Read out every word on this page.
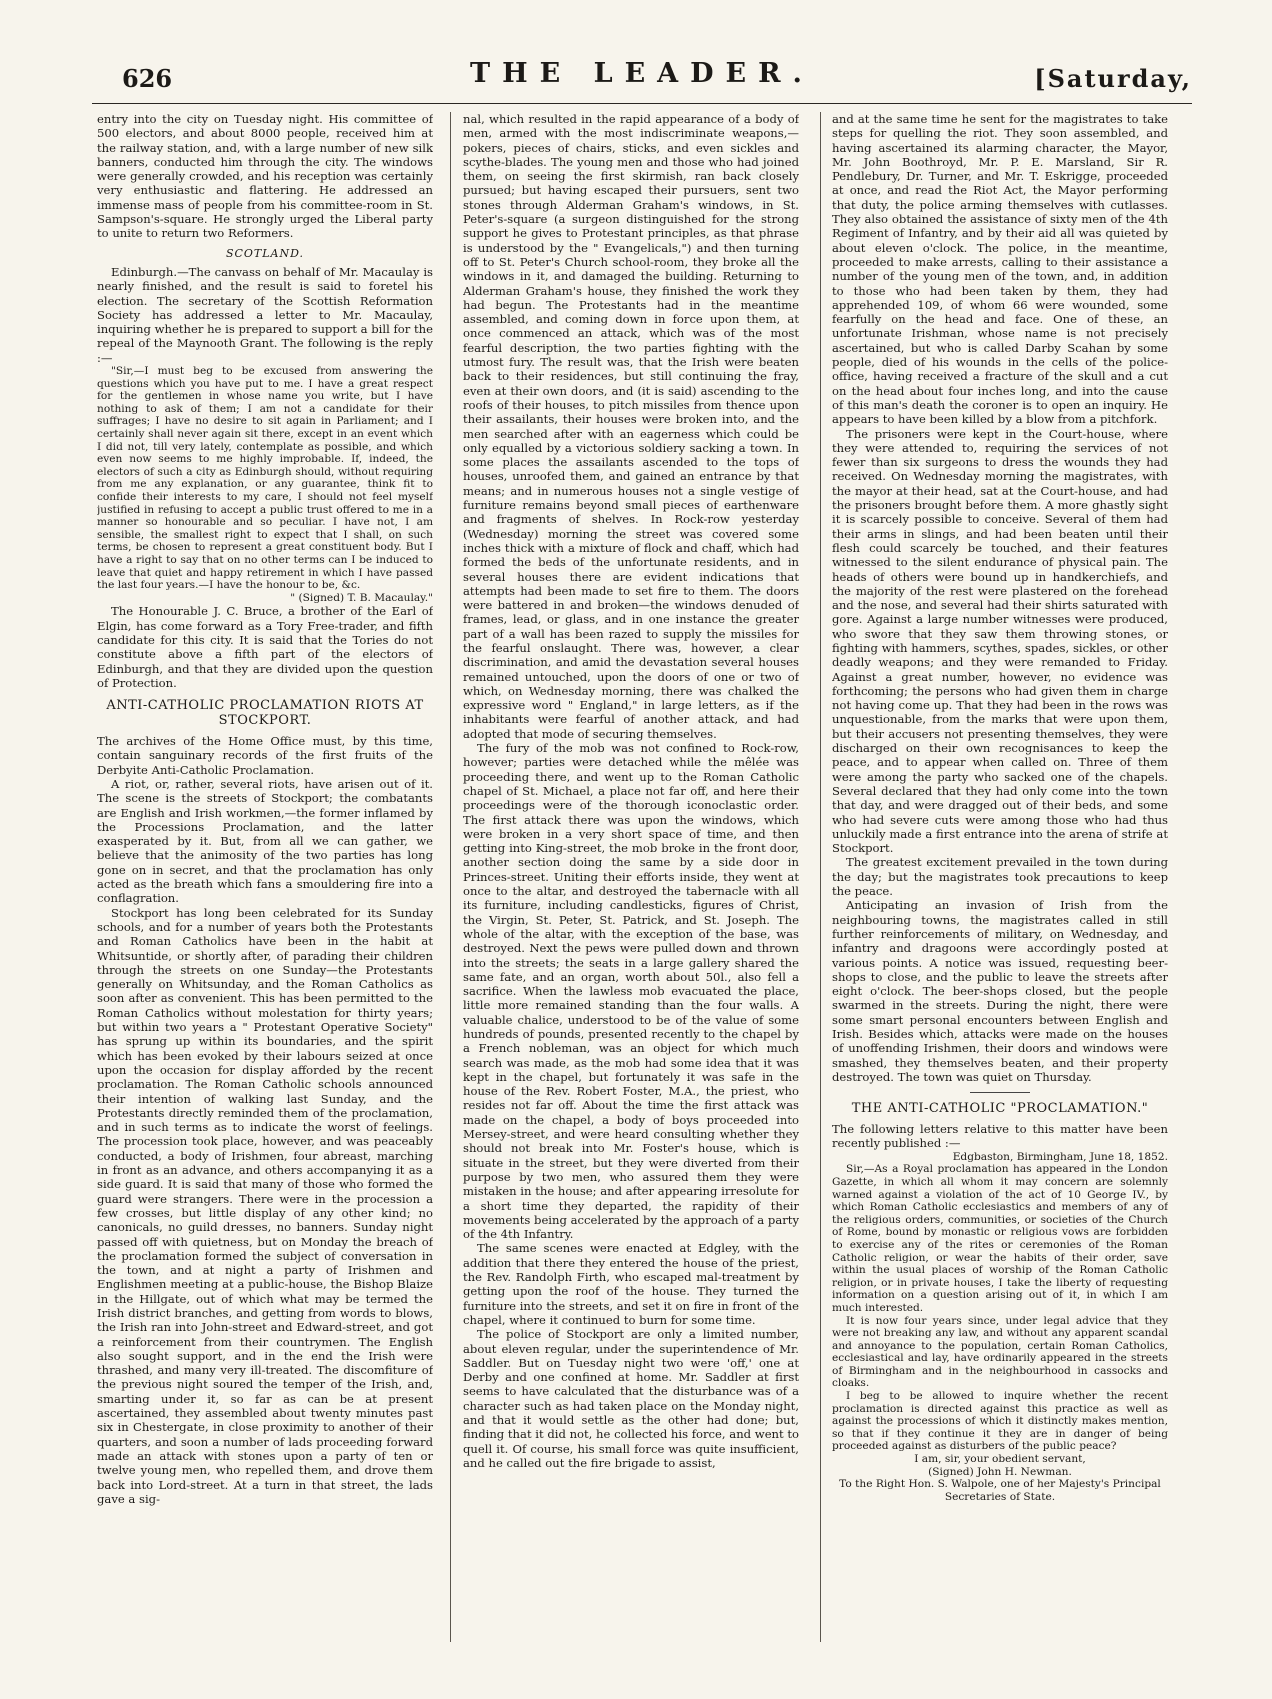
626	THE LEADER.	[Saturday,

entry into the city on Tuesday night. His committee of 500 electors, and about 8000 people, received him at the railway station, and, with a large number of new silk banners, conducted him through the city. The windows were generally crowded, and his reception was certainly very enthusiastic and flattering. He addressed an immense mass of people from his committee-room in St. Sampson's-square. He strongly urged the Liberal party to unite to return two Reformers.

SCOTLAND.

Edinburgh.—The canvass on behalf of Mr. Macaulay is nearly finished, and the result is said to foretel his election. The secretary of the Scottish Reformation Society has addressed a letter to Mr. Macaulay, inquiring whether he is prepared to support a bill for the repeal of the Maynooth Grant. The following is the reply :—

"Sir,—I must beg to be excused from answering the questions which you have put to me. I have a great respect for the gentlemen in whose name you write, but I have nothing to ask of them; I am not a candidate for their suffrages; I have no desire to sit again in Parliament; and I certainly shall never again sit there, except in an event which I did not, till very lately, contemplate as possible, and which even now seems to me highly improbable. If, indeed, the electors of such a city as Edinburgh should, without requiring from me any explanation, or any guarantee, think fit to confide their interests to my care, I should not feel myself justified in refusing to accept a public trust offered to me in a manner so honourable and so peculiar. I have not, I am sensible, the smallest right to expect that I shall, on such terms, be chosen to represent a great constituent body. But I have a right to say that on no other terms can I be induced to leave that quiet and happy retirement in which I have passed the last four years.—I have the honour to be, &c.

" (Signed) T. B. Macaulay."

The Honourable J. C. Bruce, a brother of the Earl of Elgin, has come forward as a Tory Free-trader, and fifth candidate for this city. It is said that the Tories do not constitute above a fifth part of the electors of Edinburgh, and that they are divided upon the question of Protection.

ANTI-CATHOLIC PROCLAMATION RIOTS AT STOCKPORT.

The archives of the Home Office must, by this time, contain sanguinary records of the first fruits of the Derbyite Anti-Catholic Proclamation.

A riot, or, rather, several riots, have arisen out of it. The scene is the streets of Stockport; the combatants are English and Irish workmen,—the former inflamed by the Processions Proclamation, and the latter exasperated by it. But, from all we can gather, we believe that the animosity of the two parties has long gone on in secret, and that the proclamation has only acted as the breath which fans a smouldering fire into a conflagration.

Stockport has long been celebrated for its Sunday schools, and for a number of years both the Protestants and Roman Catholics have been in the habit at Whitsuntide, or shortly after, of parading their children through the streets on one Sunday—the Protestants generally on Whitsunday, and the Roman Catholics as soon after as convenient. This has been permitted to the Roman Catholics without molestation for thirty years; but within two years a " Protestant Operative Society" has sprung up within its boundaries, and the spirit which has been evoked by their labours seized at once upon the occasion for display afforded by the recent proclamation. The Roman Catholic schools announced their intention of walking last Sunday, and the Protestants directly reminded them of the proclamation, and in such terms as to indicate the worst of feelings. The procession took place, however, and was peaceably conducted, a body of Irishmen, four abreast, marching in front as an advance, and others accompanying it as a side guard. It is said that many of those who formed the guard were strangers. There were in the procession a few crosses, but little display of any other kind; no canonicals, no guild dresses, no banners. Sunday night passed off with quietness, but on Monday the breach of the proclamation formed the subject of conversation in the town, and at night a party of Irishmen and Englishmen meeting at a public-house, the Bishop Blaize in the Hillgate, out of which what may be termed the Irish district branches, and getting from words to blows, the Irish ran into John-street and Edward-street, and got a reinforcement from their countrymen. The English also sought support, and in the end the Irish were thrashed, and many very ill-treated. The discomfiture of the previous night soured the temper of the Irish, and, smarting under it, so far as can be at present ascertained, they assembled about twenty minutes past six in Chestergate, in close proximity to another of their quarters, and soon a number of lads proceeding forward made an attack with stones upon a party of ten or twelve young men, who repelled them, and drove them back into Lord-street. At a turn in that street, the lads gave a sig-

nal, which resulted in the rapid appearance of a body of men, armed with the most indiscriminate weapons,—pokers, pieces of chairs, sticks, and even sickles and scythe-blades. The young men and those who had joined them, on seeing the first skirmish, ran back closely pursued; but having escaped their pursuers, sent two stones through Alderman Graham's windows, in St. Peter's-square (a surgeon distinguished for the strong support he gives to Protestant principles, as that phrase is understood by the " Evangelicals,") and then turning off to St. Peter's Church school-room, they broke all the windows in it, and damaged the building. Returning to Alderman Graham's house, they finished the work they had begun. The Protestants had in the meantime assembled, and coming down in force upon them, at once commenced an attack, which was of the most fearful description, the two parties fighting with the utmost fury. The result was, that the Irish were beaten back to their residences, but still continuing the fray, even at their own doors, and (it is said) ascending to the roofs of their houses, to pitch missiles from thence upon their assailants, their houses were broken into, and the men searched after with an eagerness which could be only equalled by a victorious soldiery sacking a town. In some places the assailants ascended to the tops of houses, unroofed them, and gained an entrance by that means; and in numerous houses not a single vestige of furniture remains beyond small pieces of earthenware and fragments of shelves. In Rock-row yesterday (Wednesday) morning the street was covered some inches thick with a mixture of flock and chaff, which had formed the beds of the unfortunate residents, and in several houses there are evident indications that attempts had been made to set fire to them. The doors were battered in and broken—the windows denuded of frames, lead, or glass, and in one instance the greater part of a wall has been razed to supply the missiles for the fearful onslaught. There was, however, a clear discrimination, and amid the devastation several houses remained untouched, upon the doors of one or two of which, on Wednesday morning, there was chalked the expressive word " England," in large letters, as if the inhabitants were fearful of another attack, and had adopted that mode of securing themselves.

The fury of the mob was not confined to Rock-row, however; parties were detached while the mêlée was proceeding there, and went up to the Roman Catholic chapel of St. Michael, a place not far off, and here their proceedings were of the thorough iconoclastic order. The first attack there was upon the windows, which were broken in a very short space of time, and then getting into King-street, the mob broke in the front door, another section doing the same by a side door in Princes-street. Uniting their efforts inside, they went at once to the altar, and destroyed the tabernacle with all its furniture, including candlesticks, figures of Christ, the Virgin, St. Peter, St. Patrick, and St. Joseph. The whole of the altar, with the exception of the base, was destroyed. Next the pews were pulled down and thrown into the streets; the seats in a large gallery shared the same fate, and an organ, worth about 50l., also fell a sacrifice. When the lawless mob evacuated the place, little more remained standing than the four walls. A valuable chalice, understood to be of the value of some hundreds of pounds, presented recently to the chapel by a French nobleman, was an object for which much search was made, as the mob had some idea that it was kept in the chapel, but fortunately it was safe in the house of the Rev. Robert Foster, M.A., the priest, who resides not far off. About the time the first attack was made on the chapel, a body of boys proceeded into Mersey-street, and were heard consulting whether they should not break into Mr. Foster's house, which is situate in the street, but they were diverted from their purpose by two men, who assured them they were mistaken in the house; and after appearing irresolute for a short time they departed, the rapidity of their movements being accelerated by the approach of a party of the 4th Infantry.

The same scenes were enacted at Edgley, with the addition that there they entered the house of the priest, the Rev. Randolph Firth, who escaped mal-treatment by getting upon the roof of the house. They turned the furniture into the streets, and set it on fire in front of the chapel, where it continued to burn for some time.

The police of Stockport are only a limited number, about eleven regular, under the superintendence of Mr. Saddler. But on Tuesday night two were 'off,' one at Derby and one confined at home. Mr. Saddler at first seems to have calculated that the disturbance was of a character such as had taken place on the Monday night, and that it would settle as the other had done; but, finding that it did not, he collected his force, and went to quell it. Of course, his small force was quite insufficient, and he called out the fire brigade to assist,

and at the same time he sent for the magistrates to take steps for quelling the riot. They soon assembled, and having ascertained its alarming character, the Mayor, Mr. John Boothroyd, Mr. P. E. Marsland, Sir R. Pendlebury, Dr. Turner, and Mr. T. Eskrigge, proceeded at once, and read the Riot Act, the Mayor performing that duty, the police arming themselves with cutlasses. They also obtained the assistance of sixty men of the 4th Regiment of Infantry, and by their aid all was quieted by about eleven o'clock. The police, in the meantime, proceeded to make arrests, calling to their assistance a number of the young men of the town, and, in addition to those who had been taken by them, they had apprehended 109, of whom 66 were wounded, some fearfully on the head and face. One of these, an unfortunate Irishman, whose name is not precisely ascertained, but who is called Darby Scahan by some people, died of his wounds in the cells of the police-office, having received a fracture of the skull and a cut on the head about four inches long, and into the cause of this man's death the coroner is to open an inquiry. He appears to have been killed by a blow from a pitchfork.

The prisoners were kept in the Court-house, where they were attended to, requiring the services of not fewer than six surgeons to dress the wounds they had received. On Wednesday morning the magistrates, with the mayor at their head, sat at the Court-house, and had the prisoners brought before them. A more ghastly sight it is scarcely possible to conceive. Several of them had their arms in slings, and had been beaten until their flesh could scarcely be touched, and their features witnessed to the silent endurance of physical pain. The heads of others were bound up in handkerchiefs, and the majority of the rest were plastered on the forehead and the nose, and several had their shirts saturated with gore. Against a large number witnesses were produced, who swore that they saw them throwing stones, or fighting with hammers, scythes, spades, sickles, or other deadly weapons; and they were remanded to Friday. Against a great number, however, no evidence was forthcoming; the persons who had given them in charge not having come up. That they had been in the rows was unquestionable, from the marks that were upon them, but their accusers not presenting themselves, they were discharged on their own recognisances to keep the peace, and to appear when called on. Three of them were among the party who sacked one of the chapels. Several declared that they had only come into the town that day, and were dragged out of their beds, and some who had severe cuts were among those who had thus unluckily made a first entrance into the arena of strife at Stockport.

The greatest excitement prevailed in the town during the day; but the magistrates took precautions to keep the peace.

Anticipating an invasion of Irish from the neighbouring towns, the magistrates called in still further reinforcements of military, on Wednesday, and infantry and dragoons were accordingly posted at various points. A notice was issued, requesting beer-shops to close, and the public to leave the streets after eight o'clock. The beer-shops closed, but the people swarmed in the streets. During the night, there were some smart personal encounters between English and Irish. Besides which, attacks were made on the houses of unoffending Irishmen, their doors and windows were smashed, they themselves beaten, and their property destroyed. The town was quiet on Thursday.

THE ANTI-CATHOLIC "PROCLAMATION."

The following letters relative to this matter have been recently published :—

Edgbaston, Birmingham, June 18, 1852.

Sir,—As a Royal proclamation has appeared in the London Gazette, in which all whom it may concern are solemnly warned against a violation of the act of 10 George IV., by which Roman Catholic ecclesiastics and members of any of the religious orders, communities, or societies of the Church of Rome, bound by monastic or religious vows are forbidden to exercise any of the rites or ceremonies of the Roman Catholic religion, or wear the habits of their order, save within the usual places of worship of the Roman Catholic religion, or in private houses, I take the liberty of requesting information on a question arising out of it, in which I am much interested.

It is now four years since, under legal advice that they were not breaking any law, and without any apparent scandal and annoyance to the population, certain Roman Catholics, ecclesiastical and lay, have ordinarily appeared in the streets of Birmingham and in the neighbourhood in cassocks and cloaks.

I beg to be allowed to inquire whether the recent proclamation is directed against this practice as well as against the processions of which it distinctly makes mention, so that if they continue it they are in danger of being proceeded against as disturbers of the public peace?

I am, sir, your obedient servant,

(Signed) John H. Newman.

To the Right Hon. S. Walpole, one of her Majesty's Principal Secretaries of State.
